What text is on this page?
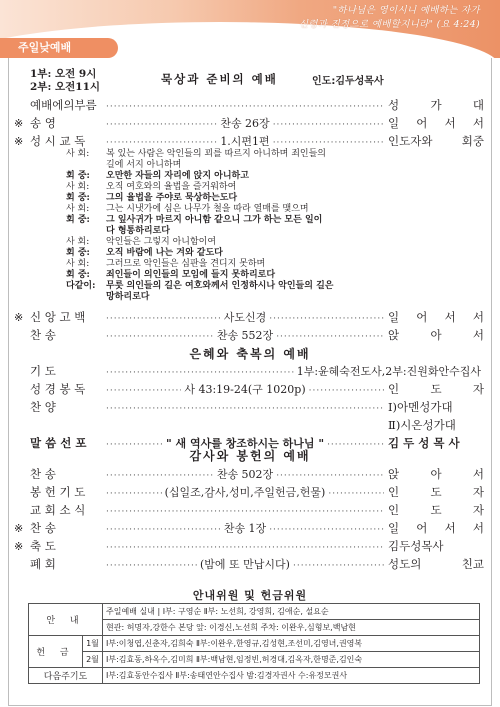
"하나님은 영이시니 예배하는 자가
신령과 진정으로 예배할지니라" (요 4:24)
주일낮예배
1부: 오전 9시
2부: 오전11시
묵상과 준비의 예배	인도:김두성목사
예배에의부름 ·····	성 가 대
※ 송 영 ·····	찬송 26장 ·····	일 어 서 서
※ 성 시 교 독 ·····	1.시편1편 ·····	인도자와 회중
사 회:	복 있는 사람은 악인들의 꾀를 따르지 아니하며 죄인들의
길에 서지 아니하며
회 중:	오만한 자들의 자리에 앉지 아니하고
사 회:	오직 여호와의 율법을 즐거워하여
회 중:	그의 율법을 주야로 묵상하는도다
사 회:	그는 시냇가에 심은 나무가 철을 따라 열매를 맺으며
회 중:	그 잎사귀가 마르지 아니함 같으니 그가 하는 모든 일이
다 형통하리로다
사 회:	악인들은 그렇지 아니함이여
회 중:	오직 바람에 나는 겨와 같도다
사 회:	그러므로 악인들은 심판을 견디지 못하며
회 중:	죄인들이 의인들의 모임에 들지 못하리로다
다같이:	무릇 의인들의 길은 여호와께서 인정하시나 악인들의 길은
망하리로다
※ 신 앙 고 백 ·····	사도신경 ·····	일 어 서 서
찬 송 ·····	찬송 552장 ·····	앉 아 서
은혜와 축복의 예배
기 도 ·····	1부:윤혜숙전도사,2부:진원화안수집사
성 경 봉 독 ·····	사 43:19-24(구 1020p) ·····	인 도 자
찬 양 ·····	Ⅰ)아멘성가대
Ⅱ)시온성가대
말 씀 선 포 ·····	" 새 역사를 창조하시는 하나님 " ·····	김 두 성 목 사
감사와 봉헌의 예배
찬 송 ·····	찬송 502장 ·····	앉 아 서
봉 헌 기 도 ·····	(십일조,감사,성미,주일헌금,헌물) ·····	인 도 자
교 회 소 식 ·····	인 도 자
※ 찬 송 ·····	찬송 1장 ·····	일 어 서 서
※ 축 도 ·····	김두성목사
폐 회 ·····	(밤에 또 만납시다) ·····	성도의 친교
안내위원 및 헌금위원
안 내		주일예배 실내 | Ⅰ부: 구영순 Ⅱ부: 노선희, 강영희, 김애순, 설요순
		현관: 허명자,강한수 본당 앞: 이경신,노선희 주차: 이완우,심형보,백남현
헌 금	1월	Ⅰ부:이청엽,신춘자,김희숙 Ⅱ부:이완우,한영규,김성현,조선미,김영녀,권영복
	2월	Ⅰ부:김효동,하옥수,김미희 Ⅱ부:백남현,임정빈,허경대,김옥자,한명준,김인숙
다음주기도		Ⅰ부:김효동안수집사 Ⅱ부:송태연안수집사 밤:김경자권사 수:유정모권사
